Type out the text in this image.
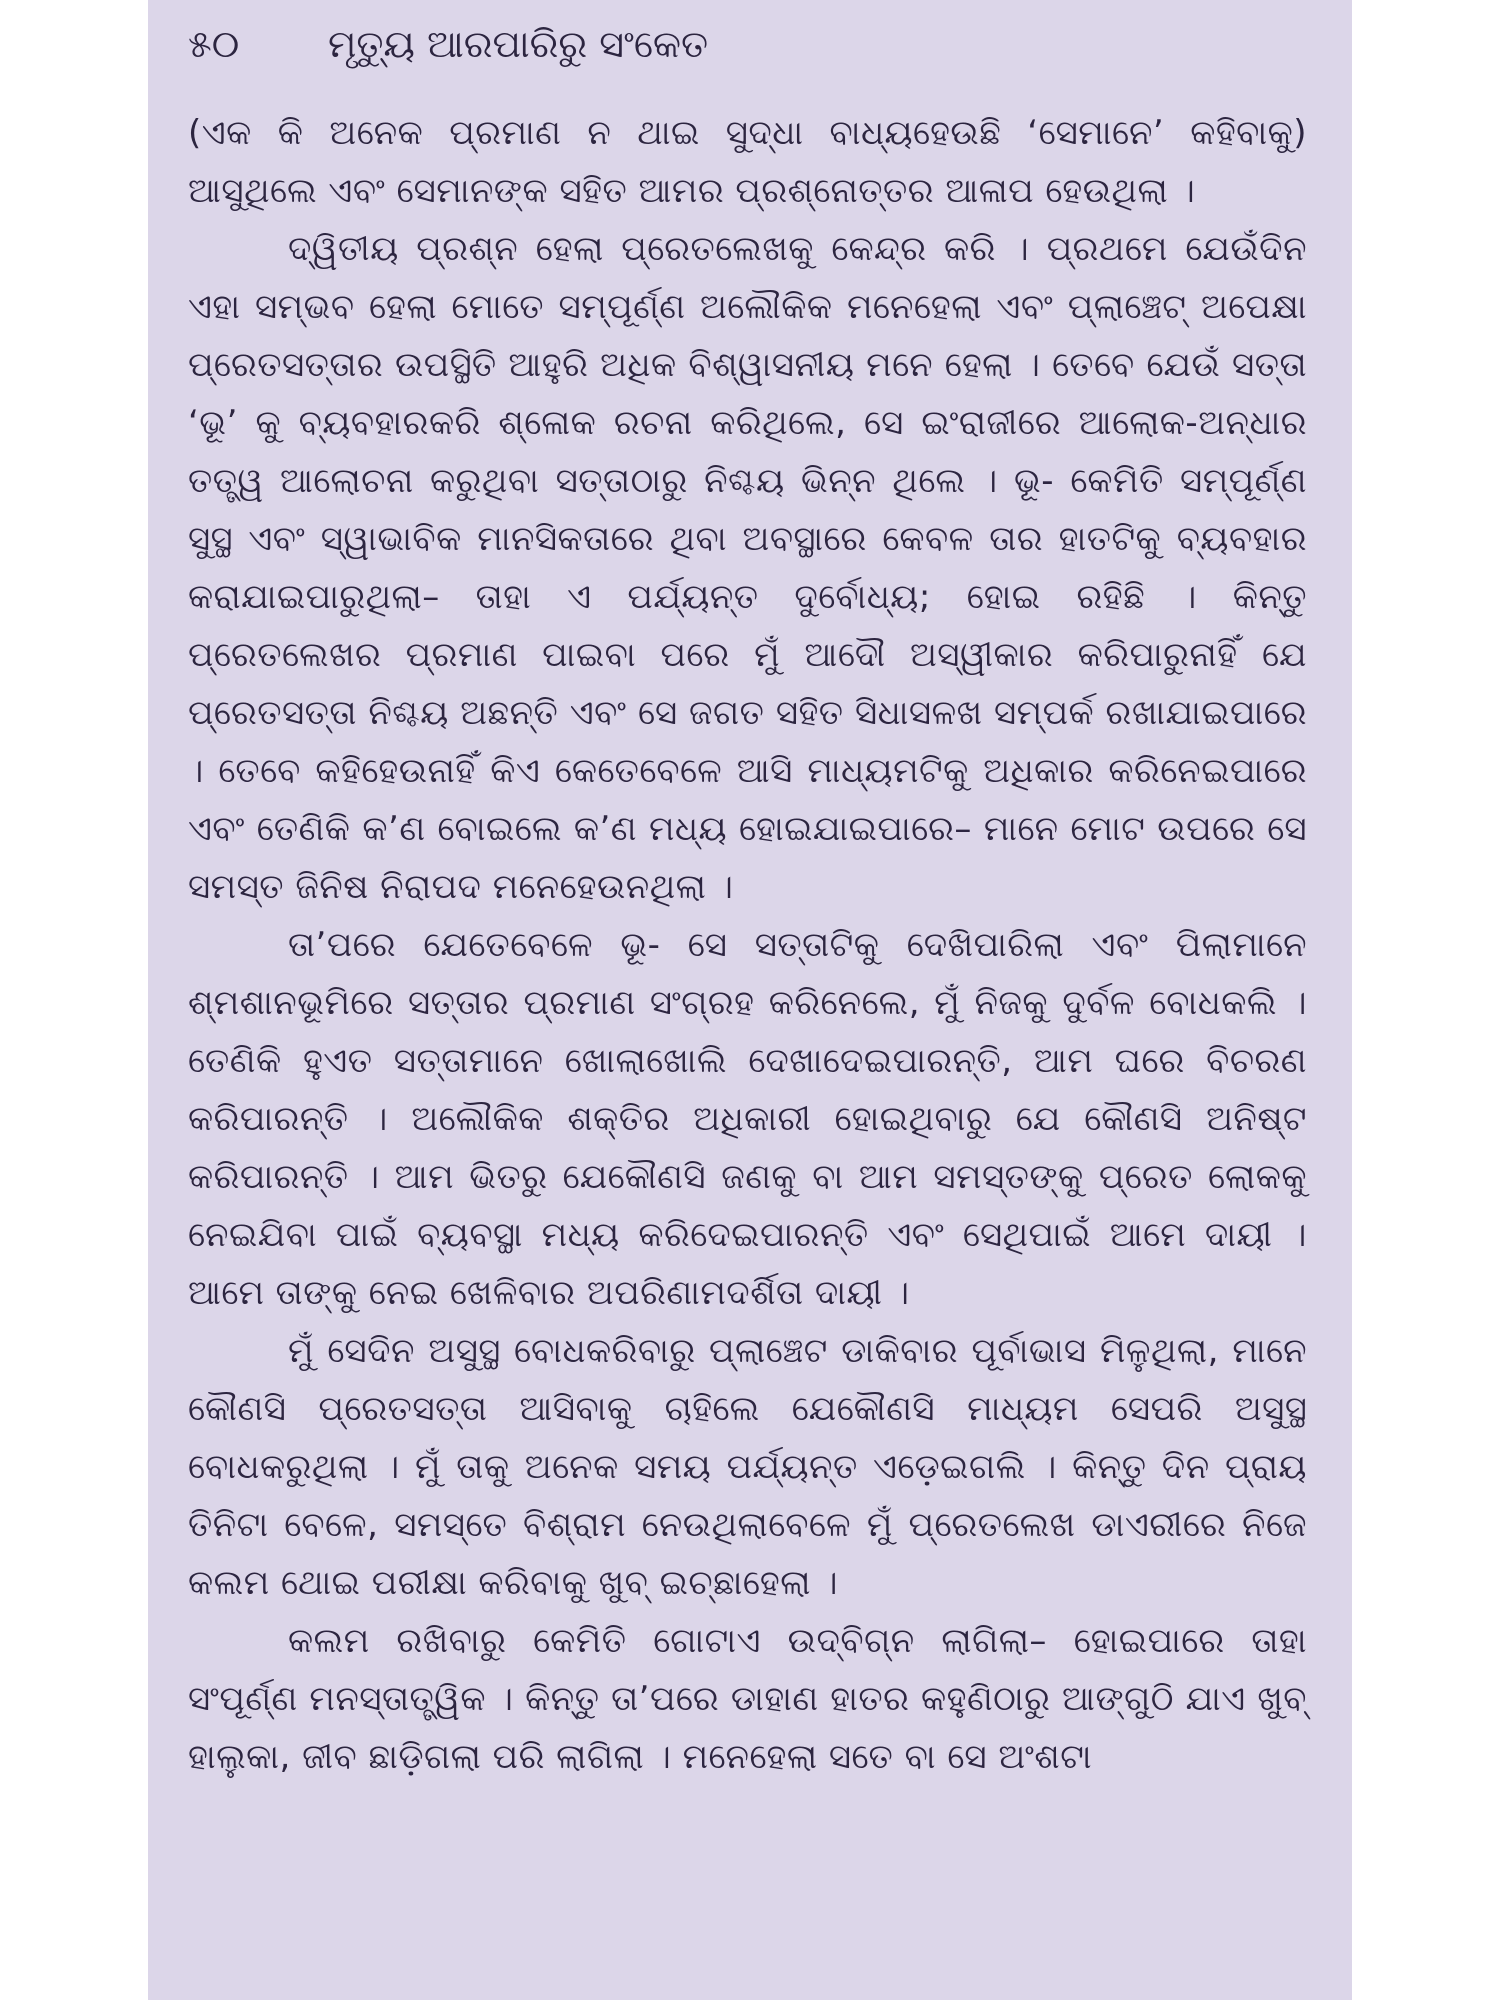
୫୦	ମୃତ୍ୟୁ ଆରପାରିରୁ ସଂକେତ

(ଏକ କି ଅନେକ ପ୍ରମାଣ ନ ଥାଇ ସୁଦ୍ଧା ବାଧ୍ୟହେଉଛି ‘ସେମାନେ’ କହିବାକୁ) ଆସୁଥିଲେ ଏବଂ ସେମାନଙ୍କ ସହିତ ଆମର ପ୍ରଶ୍ନୋତ୍ତର ଆଳାପ ହେଉଥିଲା ।

ଦ୍ୱିତୀୟ ପ୍ରଶ୍ନ ହେଲା ପ୍ରେତଲେଖକୁ କେନ୍ଦ୍ର କରି । ପ୍ରଥମେ ଯେଉଁଦିନ ଏହା ସମ୍ଭବ ହେଲା ମୋତେ ସମ୍ପୂର୍ଣ୍ଣ ଅଲୌକିକ ମନେହେଲା ଏବଂ ପ୍ଲାଞ୍ଚେଟ୍ ଅପେକ୍ଷା ପ୍ରେତସତ୍ତାର ଉପସ୍ଥିତି ଆହୁରି ଅଧିକ ବିଶ୍ୱାସନୀୟ ମନେ ହେଲା । ତେବେ ଯେଉଁ ସତ୍ତା ‘ଭୂ’ କୁ ବ୍ୟବହାରକରି ଶ୍ଳୋକ ରଚନା କରିଥିଲେ, ସେ ଇଂରାଜୀରେ ଆଲୋକ-ଅନ୍ଧାର ତତ୍ତ୍ୱ ଆଲୋଚନା କରୁଥିବା ସତ୍ତାଠାରୁ ନିଶ୍ଚୟ ଭିନ୍ନ ଥିଲେ । ଭୂ- କେମିତି ସମ୍ପୂର୍ଣ୍ଣ ସୁସ୍ଥ ଏବଂ ସ୍ୱାଭାବିକ ମାନସିକତାରେ ଥିବା ଅବସ୍ଥାରେ କେବଳ ତାର ହାତଟିକୁ ବ୍ୟବହାର କରାଯାଇପାରୁଥିଲା– ତାହା ଏ ପର୍ଯ୍ୟନ୍ତ ଦୁର୍ବୋଧ୍ୟ; ହୋଇ ରହିଛି । କିନ୍ତୁ ପ୍ରେତଲେଖର ପ୍ରମାଣ ପାଇବା ପରେ ମୁଁ ଆଦୌ ଅସ୍ୱୀକାର କରିପାରୁନାହିଁ ଯେ ପ୍ରେତସତ୍ତା ନିଶ୍ଚୟ ଅଛନ୍ତି ଏବଂ ସେ ଜଗତ ସହିତ ସିଧାସଳଖ ସମ୍ପର୍କ ରଖାଯାଇପାରେ । ତେବେ କହିହେଉନାହିଁ କିଏ କେତେବେଳେ ଆସି ମାଧ୍ୟମଟିକୁ ଅଧିକାର କରିନେଇପାରେ ଏବଂ ତେଣିକି କ’ଣ ବୋଇଲେ କ’ଣ ମଧ୍ୟ ହୋଇଯାଇପାରେ– ମାନେ ମୋଟ ଉପରେ ସେ ସମସ୍ତ ଜିନିଷ ନିରାପଦ ମନେହେଉନଥିଲା ।

ତା’ପରେ ଯେତେବେଳେ ଭୂ- ସେ ସତ୍ତାଟିକୁ ଦେଖିପାରିଲା ଏବଂ ପିଲାମାନେ ଶ୍ମଶାନଭୂମିରେ ସତ୍ତାର ପ୍ରମାଣ ସଂଗ୍ରହ କରିନେଲେ, ମୁଁ ନିଜକୁ ଦୁର୍ବଳ ବୋଧକଲି । ତେଣିକି ହୁଏତ ସତ୍ତାମାନେ ଖୋଲାଖୋଲି ଦେଖାଦେଇପାରନ୍ତି, ଆମ ଘରେ ବିଚରଣ କରିପାରନ୍ତି । ଅଲୌକିକ ଶକ୍ତିର ଅଧିକାରୀ ହୋଇଥିବାରୁ ଯେ କୌଣସି ଅନିଷ୍ଟ କରିପାରନ୍ତି । ଆମ ଭିତରୁ ଯେକୌଣସି ଜଣକୁ ବା ଆମ ସମସ୍ତଙ୍କୁ ପ୍ରେତ ଲୋକକୁ ନେଇଯିବା ପାଇଁ ବ୍ୟବସ୍ଥା ମଧ୍ୟ କରିଦେଇପାରନ୍ତି ଏବଂ ସେଥିପାଇଁ ଆମେ ଦାୟୀ । ଆମେ ତାଙ୍କୁ ନେଇ ଖେଳିବାର ଅପରିଣାମଦର୍ଶିତା ଦାୟୀ ।

ମୁଁ ସେଦିନ ଅସୁସ୍ଥ ବୋଧକରିବାରୁ ପ୍ଲାଞ୍ଚେଟ ଡାକିବାର ପୂର୍ବାଭାସ ମିଳୁଥିଲା, ମାନେ କୌଣସି ପ୍ରେତସତ୍ତା ଆସିବାକୁ ଚାହିଲେ ଯେକୌଣସି ମାଧ୍ୟମ ସେପରି ଅସୁସ୍ଥ ବୋଧକରୁଥିଲା । ମୁଁ ତାକୁ ଅନେକ ସମୟ ପର୍ଯ୍ୟନ୍ତ ଏଡ଼େଇଗଲି । କିନ୍ତୁ ଦିନ ପ୍ରାୟ ତିନିଟା ବେଳେ, ସମସ୍ତେ ବିଶ୍ରାମ ନେଉଥିଲାବେଳେ ମୁଁ ପ୍ରେତଲେଖ ଡାଏରୀରେ ନିଜେ କଲମ ଥୋଇ ପରୀକ୍ଷା କରିବାକୁ ଖୁବ୍ ଇଚ୍ଛାହେଲା ।

କଲମ ରଖିବାରୁ କେମିତି ଗୋଟାଏ ଉଦ୍‌ବିଗ୍ନ ଲାଗିଲା– ହୋଇପାରେ ତାହା ସଂପୂର୍ଣ୍ଣ ମନସ୍ତାତ୍ତ୍ୱିକ । କିନ୍ତୁ ତା’ପରେ ଡାହାଣ ହାତର କହୁଣିଠାରୁ ଆଙ୍ଗୁଠି ଯାଏ ଖୁବ୍ ହାଲୁକା, ଜୀବ ଛାଡ଼ିଗଲା ପରି ଲାଗିଲା । ମନେହେଲା ସତେ ବା ସେ ଅଂଶଟା
